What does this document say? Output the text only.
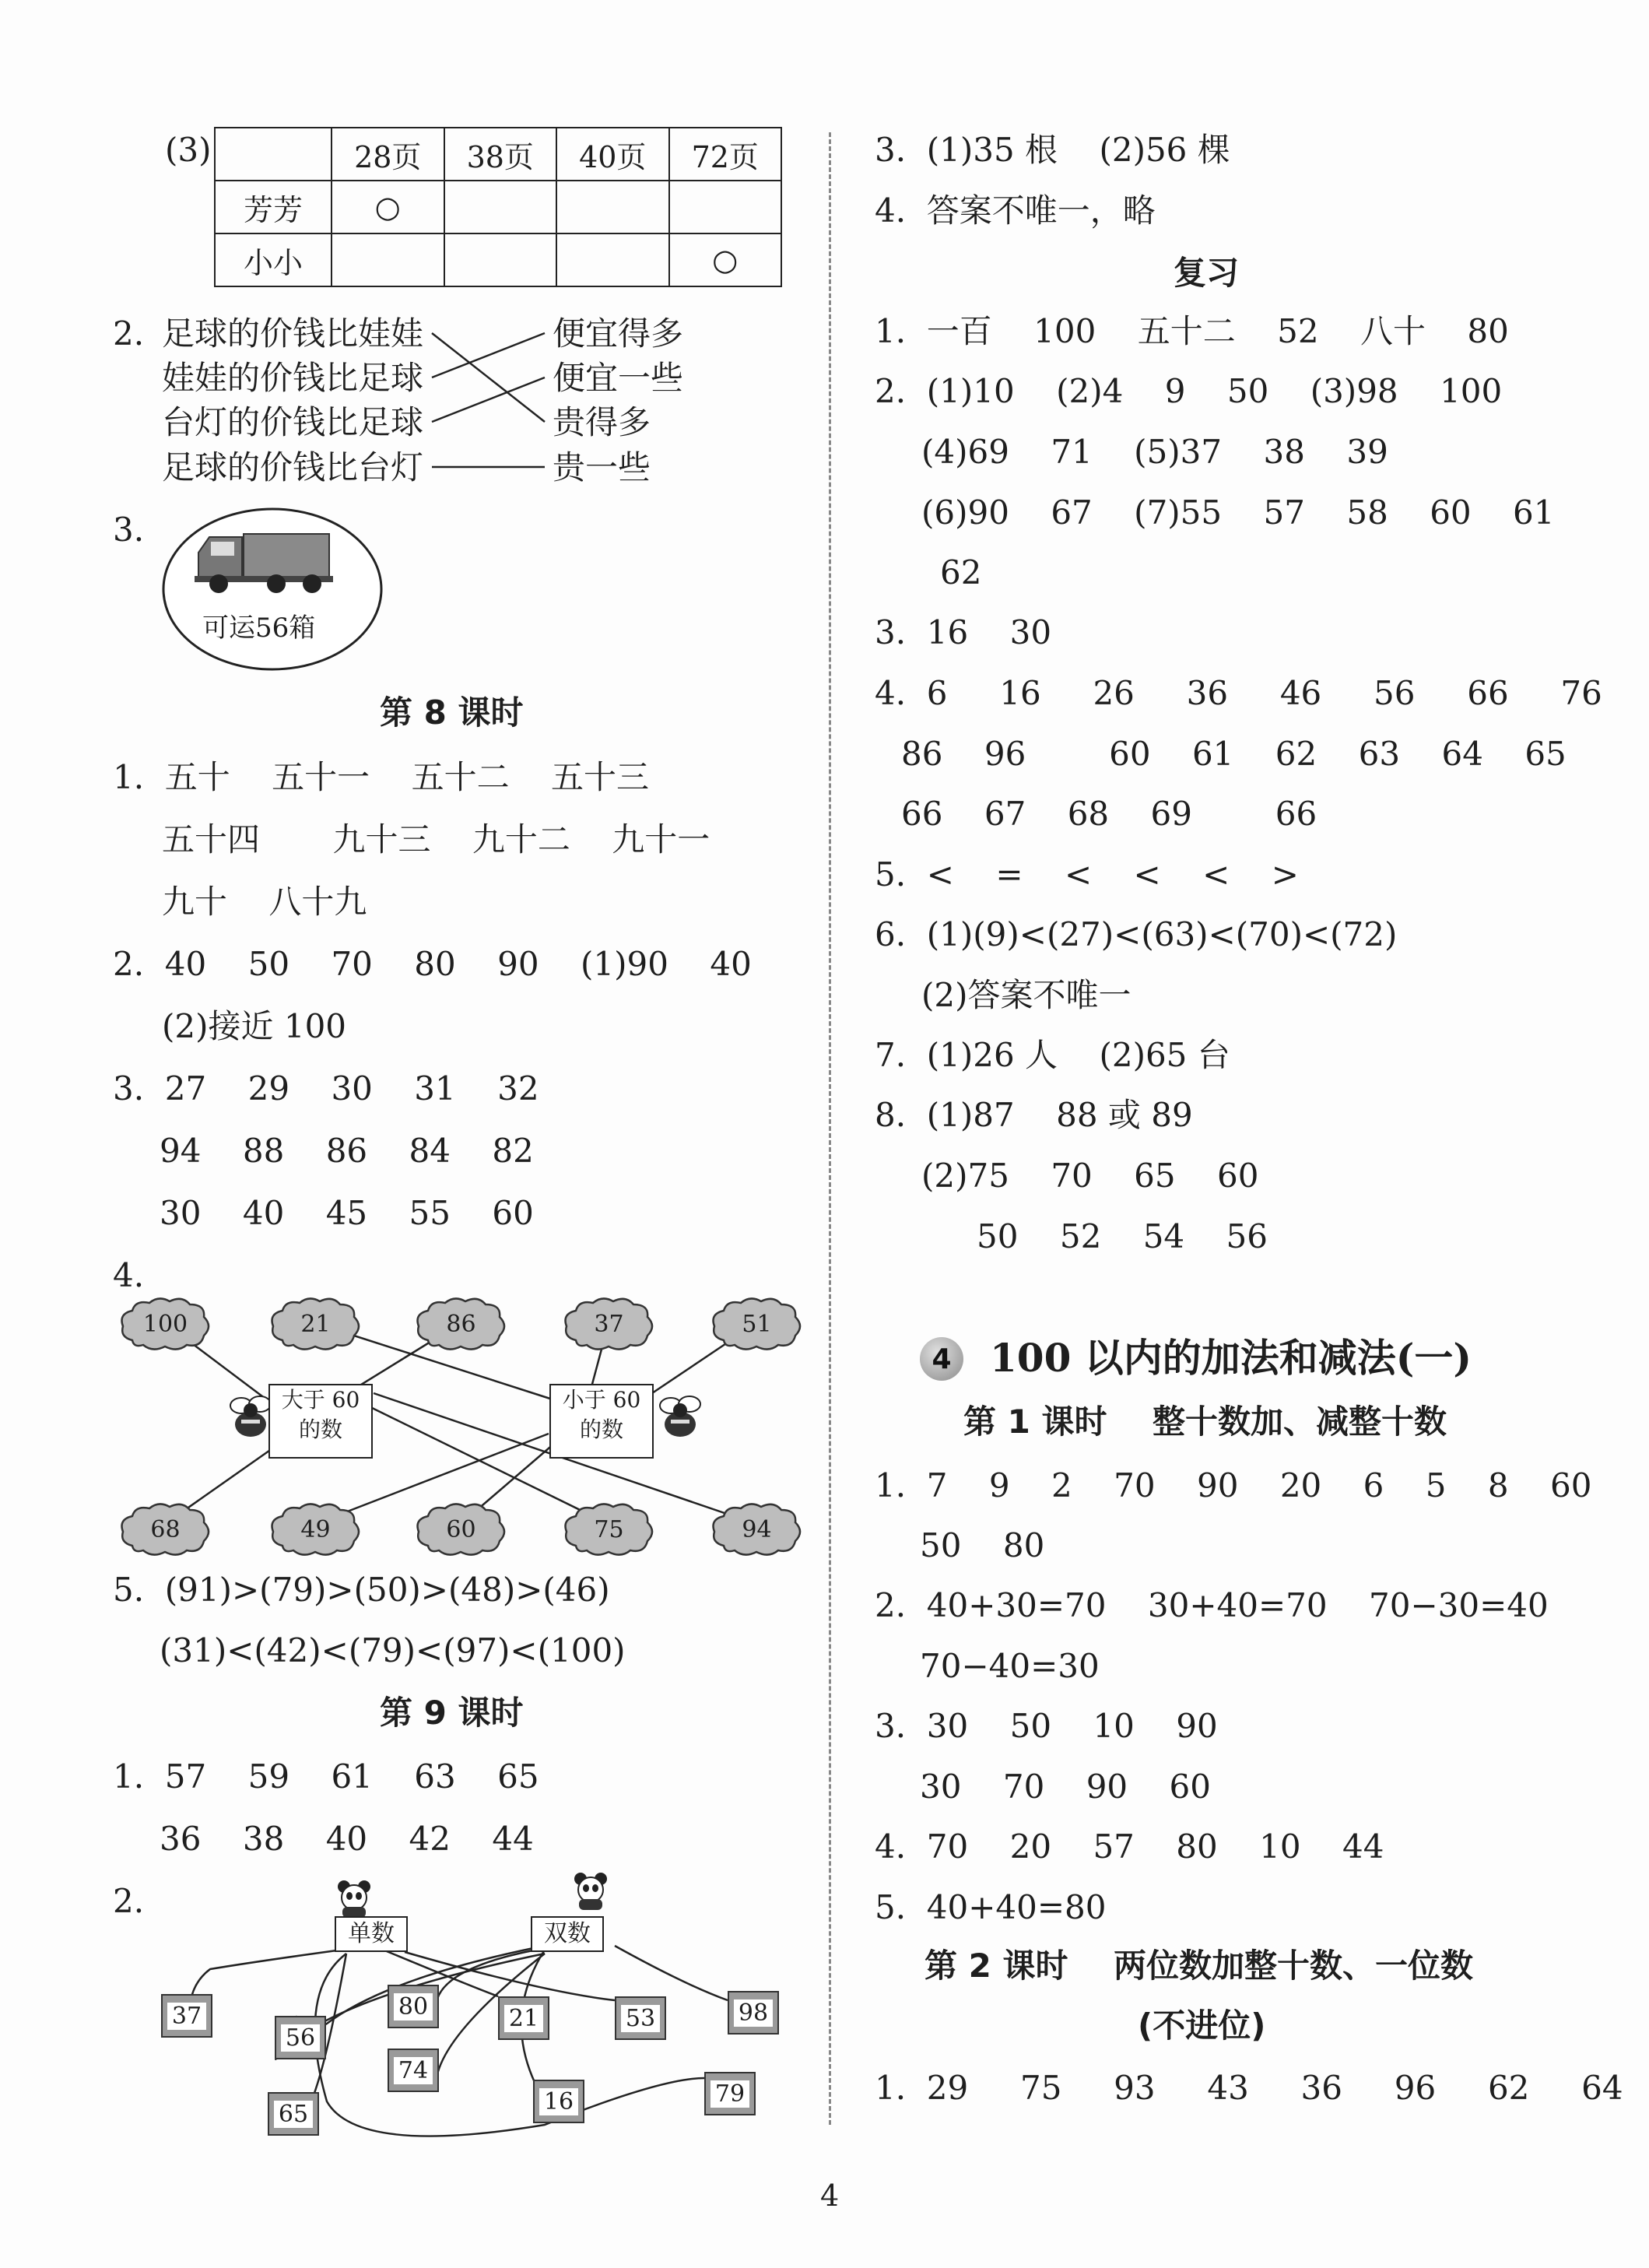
(3)
		28页	38页	40页	72页
芳芳	○			
小小				○
2. 足球的价钱比娃娃
娃娃的价钱比足球
台灯的价钱比足球
足球的价钱比台灯
便宜得多
便宜一些
贵得多
贵一些
3.
可运56箱
第 8 课时
1.  五十    五十一    五十二    五十三
五十四       九十三    九十二    九十一
九十    八十九
2.  40    50    70    80    90    (1)90    40
(2)接近 100
3.  27    29    30    31    32
94    88    86    84    82
30    40    45    55    60
4.
100	21	86	37	51
68	49	60	75	94
大于 60
的数
小于 60
的数
5.  (91)>(79)>(50)>(48)>(46)
(31)<(42)<(79)<(97)<(100)
第 9 课时
1.  57    59    61    63    65
36    38    40    42    44
2.
单数	双数
37
56
80
74
65
21
16
53	98
79
3.  (1)35 根    (2)56 棵
4.  答案不唯一，略
复习
1.  一百    100    五十二    52    八十    80
2.  (1)10    (2)4    9    50    (3)98    100
(4)69    71    (5)37    38    39
(6)90    67    (7)55    57    58    60    61
62
3.  16    30
4.  6     16     26     36     46     56     66     76
86    96        60    61    62    63    64    65
66    67    68    69        66
5.  <    =    <    <    <    >
6.  (1)(9)<(27)<(63)<(70)<(72)
(2)答案不唯一
7.  (1)26 人    (2)65 台
8.  (1)87    88 或 89
(2)75    70    65    60
50    52    54    56
4 100 以内的加法和减法(一)
第 1 课时    整十数加、减整十数
1.  7    9    2    70    90    20    6    5    8    60
50    80
2.  40+30=70    30+40=70    70−30=40
70−40=30
3.  30    50    10    90
30    70    90    60
4.  70    20    57    80    10    44
5.  40+40=80
第 2 课时    两位数加整十数、一位数
(不进位)
1.  29     75     93     43     36     96     62     64
4
